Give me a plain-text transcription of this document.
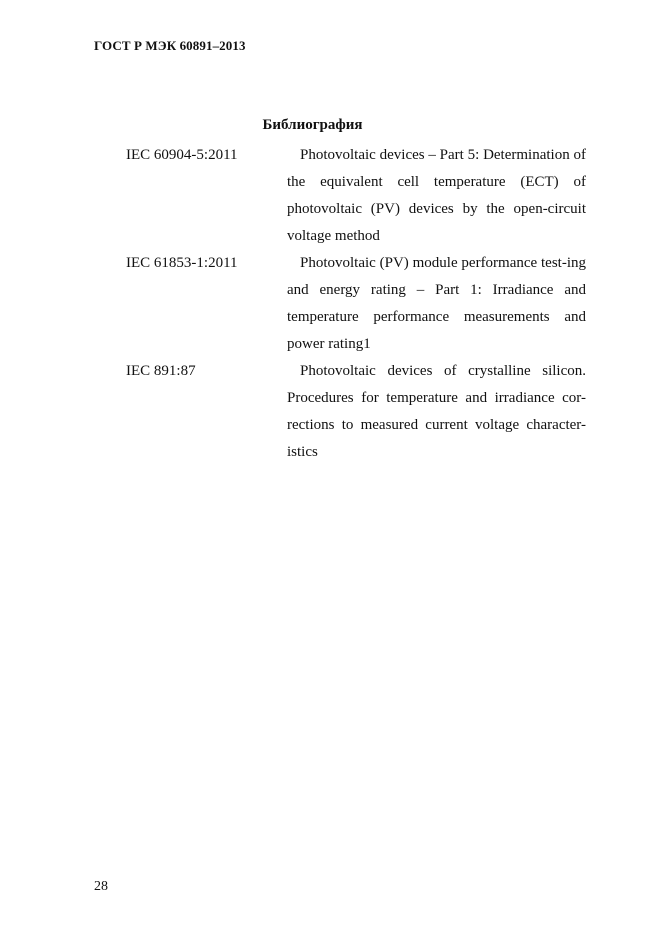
ГОСТ Р МЭК 60891–2013
Библиография
IEC 60904-5:2011	Photovoltaic devices – Part 5: Determination of the equivalent cell temperature (ECT) of photovoltaic (PV) devices by the open-circuit voltage method
IEC 61853-1:2011	Photovoltaic (PV) module performance test-ing and energy rating – Part 1: Irradiance and temperature performance measurements and power rating1
IEC 891:87	Photovoltaic devices of crystalline silicon. Procedures for temperature and irradiance cor-rections to measured current voltage character-istics
28
